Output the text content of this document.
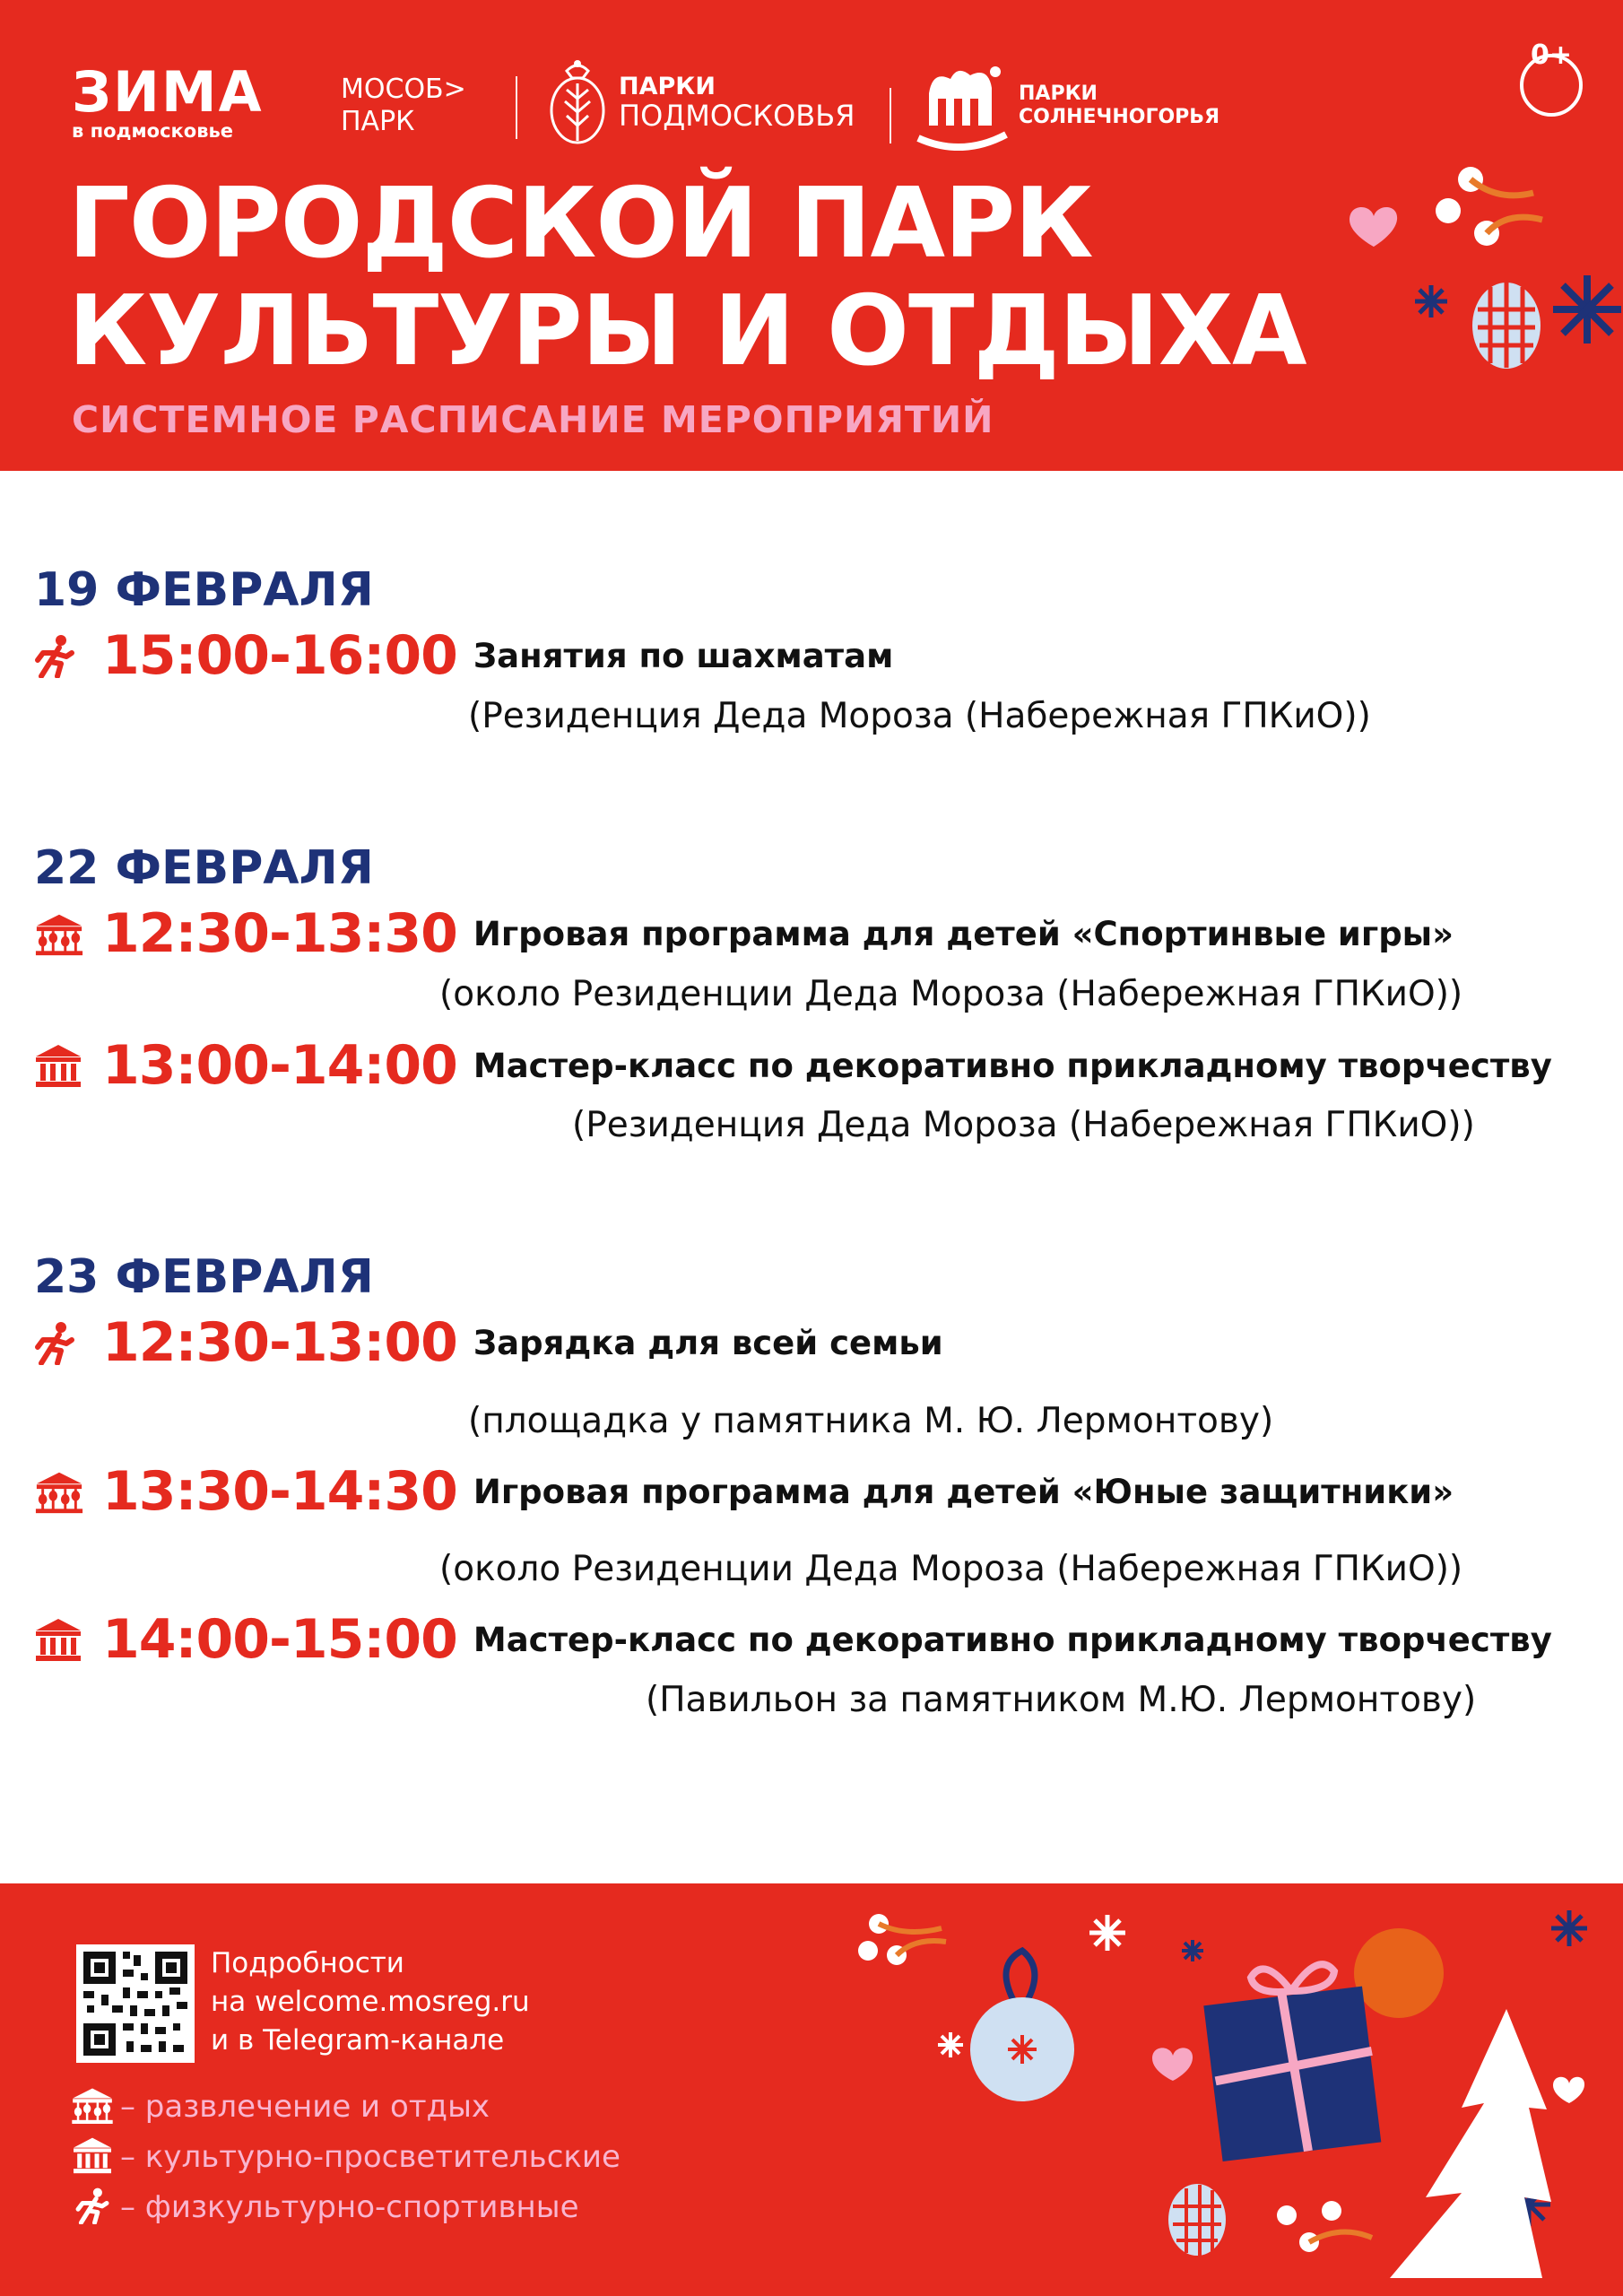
ЗИМА
в подмосковье
МОСОБ>
ПАРК
ПАРКИ
ПОДМОСКОВЬЯ
ПАРКИ
СОЛНЕЧНОГОРЬЯ
0+
ГОРОДСКОЙ ПАРК
КУЛЬТУРЫ И ОТДЫХА
СИСТЕМНОЕ РАСПИСАНИЕ МЕРОПРИЯТИЙ
19 ФЕВРАЛЯ
15:00-16:00 Занятия по шахматам
(Резиденция Деда Мороза (Набережная ГПКиО))
22 ФЕВРАЛЯ
12:30-13:30 Игровая программа для детей «Спортинвые игры»
(около Резиденции Деда Мороза (Набережная ГПКиО))
13:00-14:00 Мастер-класс по декоративно прикладному творчеству
(Резиденция Деда Мороза (Набережная ГПКиО))
23 ФЕВРАЛЯ
12:30-13:00 Зарядка для всей семьи
(площадка у памятника М. Ю. Лермонтову)
13:30-14:30 Игровая программа для детей «Юные защитники»
(около Резиденции Деда Мороза (Набережная ГПКиО))
14:00-15:00 Мастер-класс по декоративно прикладному творчеству
(Павильон за памятником М.Ю. Лермонтову)
Подробности
на welcome.mosreg.ru
и в Telegram-канале
– развлечение и отдых
– культурно-просветительские
– физкультурно-спортивные
